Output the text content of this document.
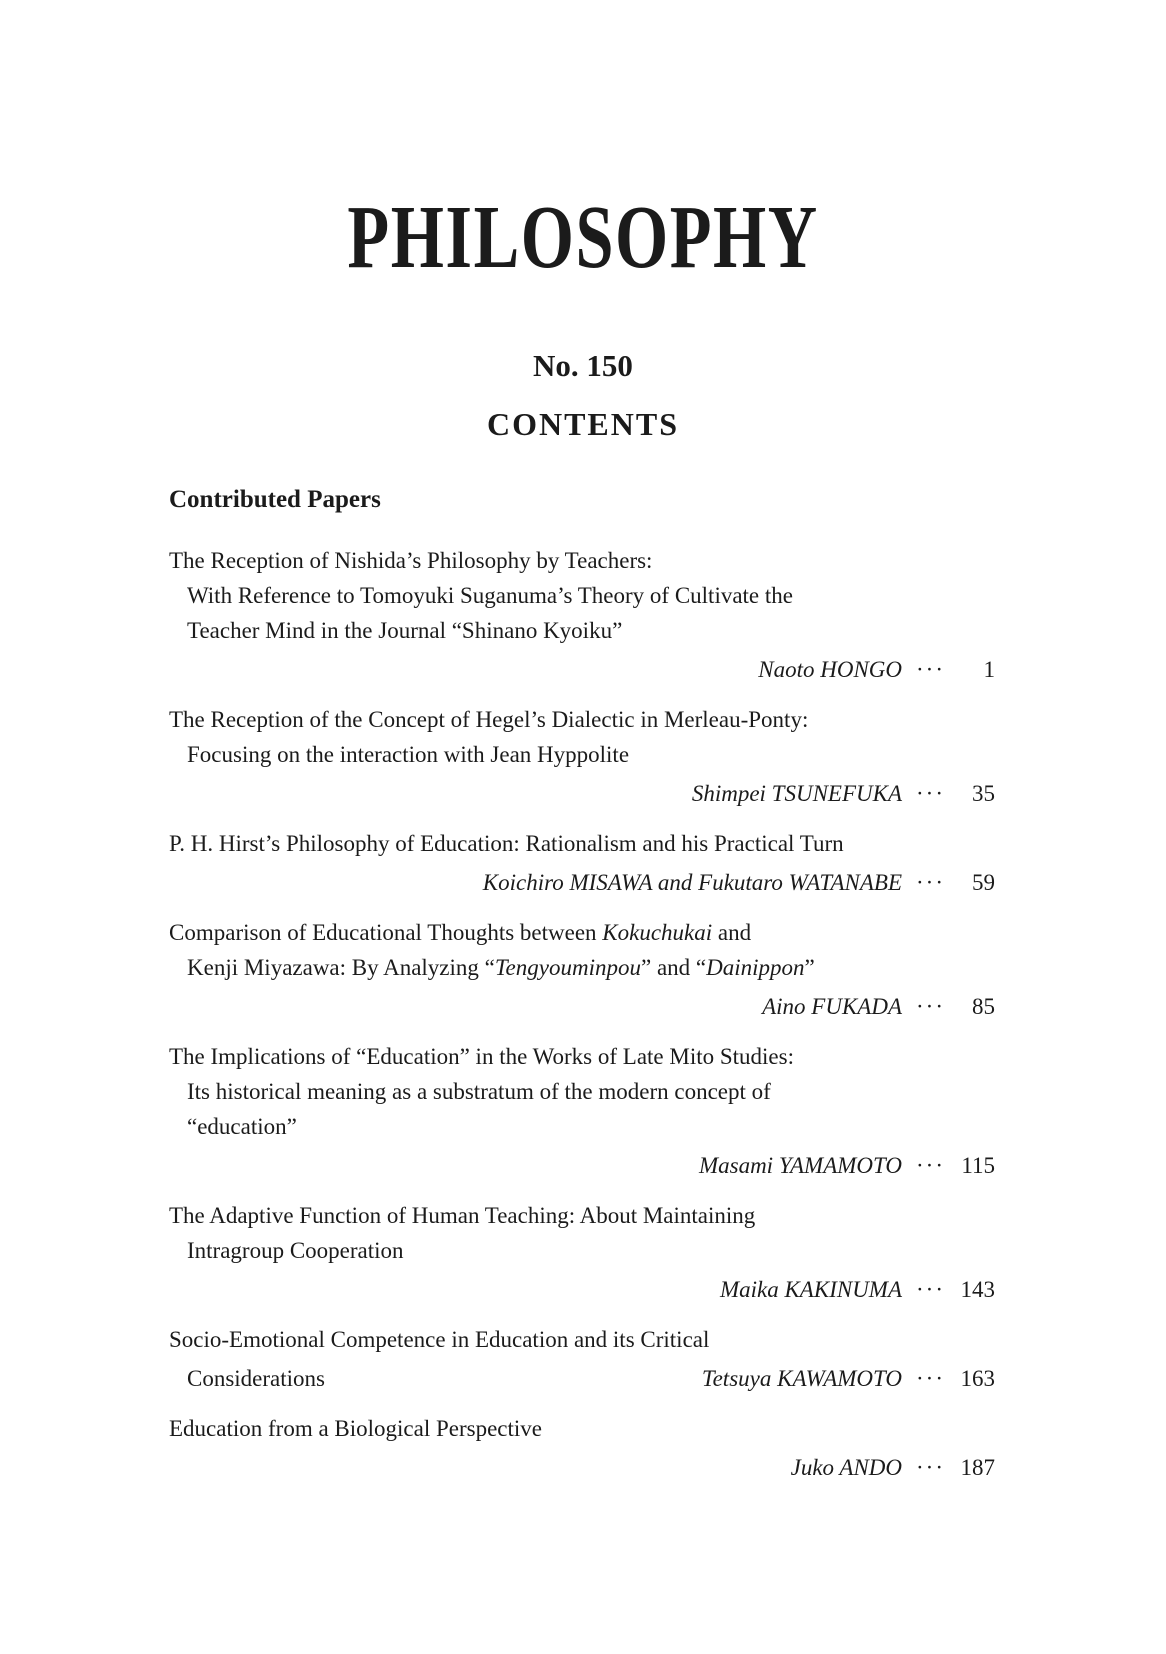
PHILOSOPHY
No. 150
CONTENTS
Contributed Papers
The Reception of Nishida’s Philosophy by Teachers:
With Reference to Tomoyuki Suganuma’s Theory of Cultivate the
Teacher Mind in the Journal “Shinano Kyoiku”
Naoto HONGO ··· 1
The Reception of the Concept of Hegel’s Dialectic in Merleau-Ponty:
Focusing on the interaction with Jean Hyppolite
Shimpei TSUNEFUKA ··· 35
P. H. Hirst’s Philosophy of Education: Rationalism and his Practical Turn
Koichiro MISAWA and Fukutaro WATANABE ··· 59
Comparison of Educational Thoughts between Kokuchukai and
Kenji Miyazawa: By Analyzing “Tengyouminpou” and “Dainippon”
Aino FUKADA ··· 85
The Implications of “Education” in the Works of Late Mito Studies:
Its historical meaning as a substratum of the modern concept of
“education”
Masami YAMAMOTO ··· 115
The Adaptive Function of Human Teaching: About Maintaining
Intragroup Cooperation
Maika KAKINUMA ··· 143
Socio-Emotional Competence in Education and its Critical
Considerations	Tetsuya KAWAMOTO ··· 163
Education from a Biological Perspective
Juko ANDO ··· 187
